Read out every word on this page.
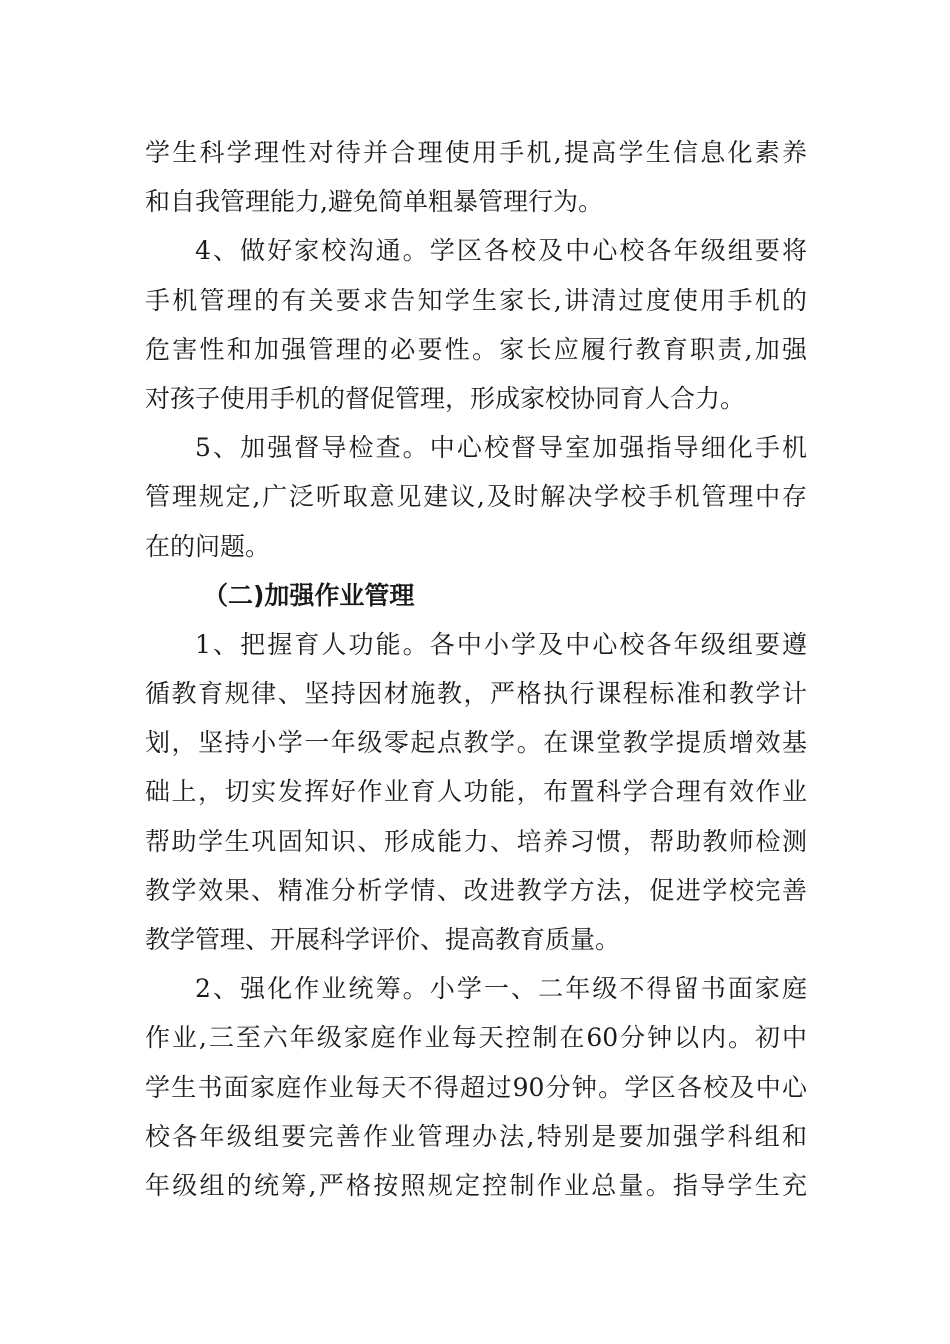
学生科学理性对待并合理使用手机,提高学生信息化素养
和自我管理能力,避免简单粗暴管理行为。
4、做好家校沟通。学区各校及中心校各年级组要将
手机管理的有关要求告知学生家长,讲清过度使用手机的
危害性和加强管理的必要性。家长应履行教育职责,加强
对孩子使用手机的督促管理，形成家校协同育人合力。
5、加强督导检查。中心校督导室加强指导细化手机
管理规定,广泛听取意见建议,及时解决学校手机管理中存
在的问题。
（二)加强作业管理
1、把握育人功能。各中小学及中心校各年级组要遵
循教育规律、坚持因材施教，严格执行课程标准和教学计
划，坚持小学一年级零起点教学。在课堂教学提质增效基
础上，切实发挥好作业育人功能，布置科学合理有效作业
帮助学生巩固知识、形成能力、培养习惯，帮助教师检测
教学效果、精准分析学情、改进教学方法，促进学校完善
教学管理、开展科学评价、提高教育质量。
2、强化作业统筹。小学一、二年级不得留书面家庭
作业,三至六年级家庭作业每天控制在60分钟以内。初中
学生书面家庭作业每天不得超过90分钟。学区各校及中心
校各年级组要完善作业管理办法,特别是要加强学科组和
年级组的统筹,严格按照规定控制作业总量。指导学生充
